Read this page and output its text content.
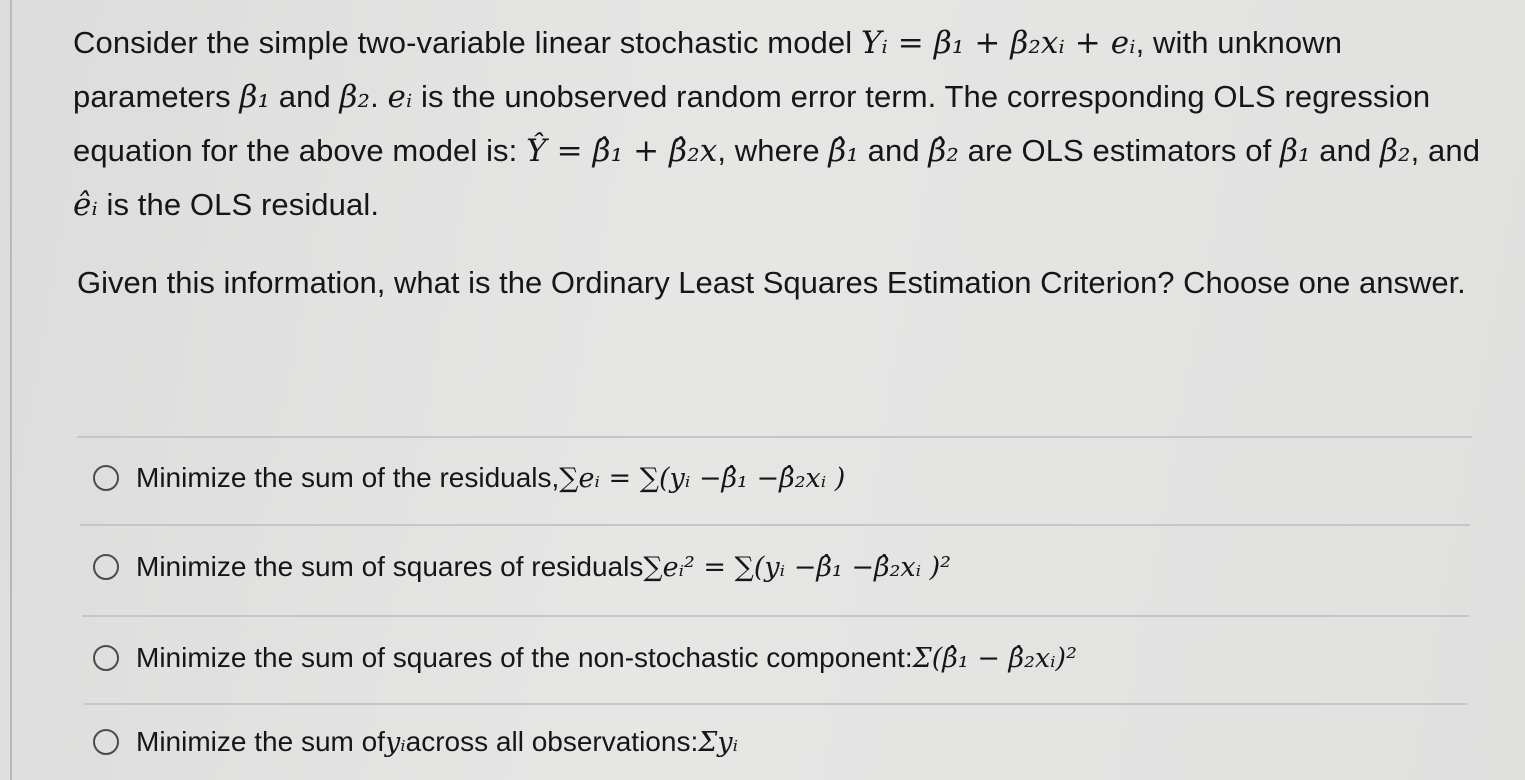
Consider the simple two-variable linear stochastic model Yᵢ = β₁ + β₂xᵢ + eᵢ, with unknown parameters β₁ and β₂. eᵢ is the unobserved random error term. The corresponding OLS regression equation for the above model is: Ŷ = β̂₁ + β̂₂x, where β̂₁ and β̂₂ are OLS estimators of β₁ and β₂, and êᵢ is the OLS residual.
Given this information, what is the Ordinary Least Squares Estimation Criterion? Choose one answer.
Minimize the sum of the residuals, ∑eᵢ = ∑(yᵢ −β̂₁ −β̂₂xᵢ )
Minimize the sum of squares of residuals ∑eᵢ² = ∑(yᵢ −β̂₁ −β̂₂xᵢ )²
Minimize the sum of squares of the non-stochastic component: Σ(β̂₁ − β̂₂xᵢ)²
Minimize the sum of yᵢ across all observations: Σyᵢ
